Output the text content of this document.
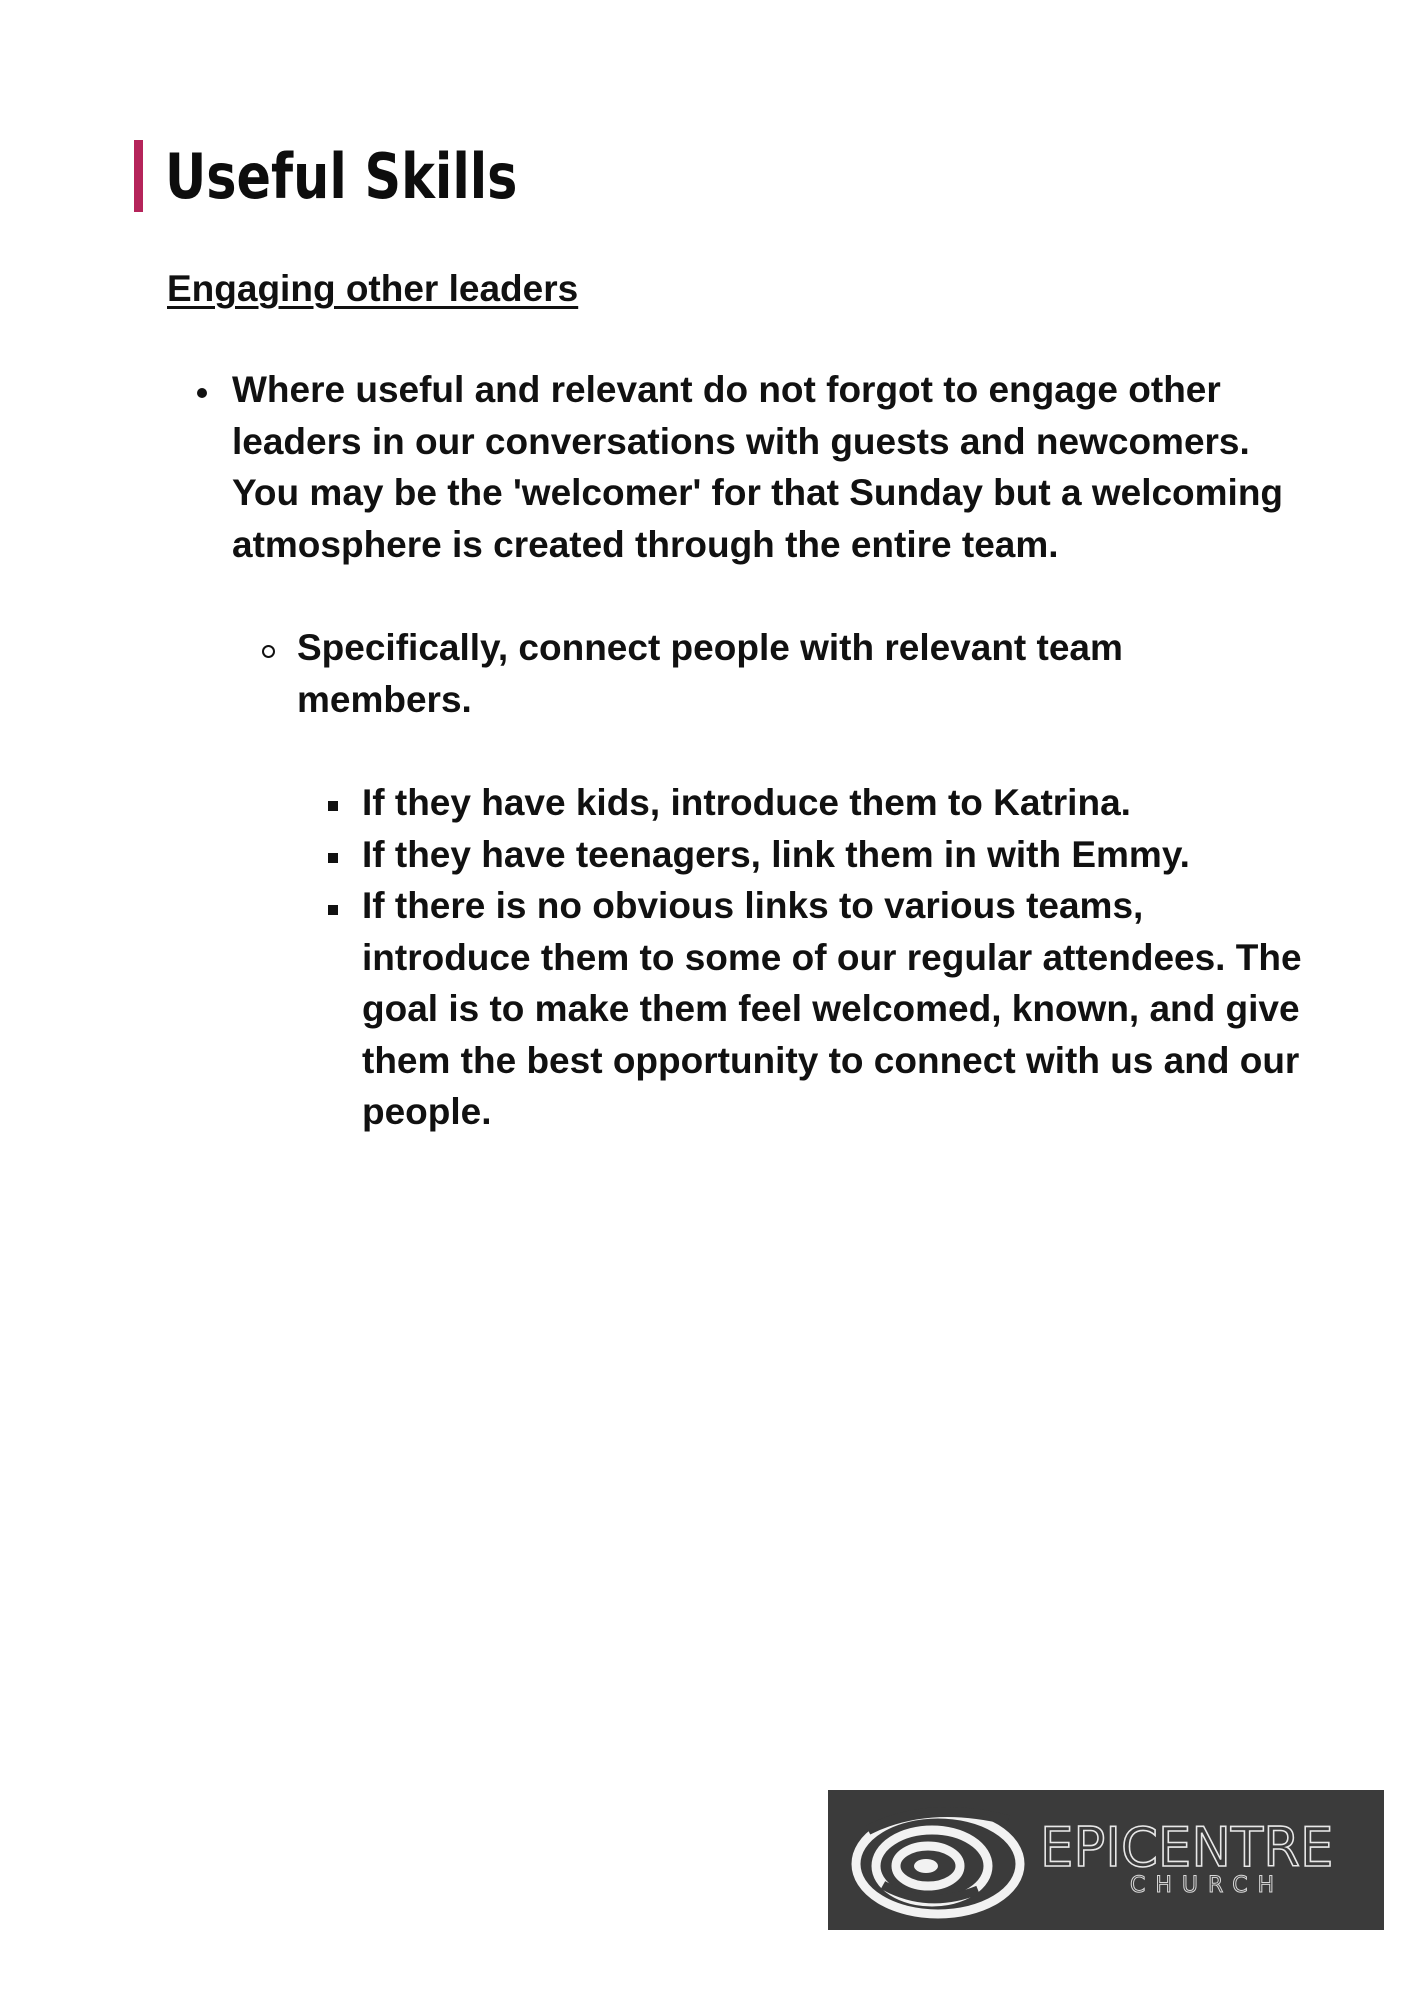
Useful Skills
Engaging other leaders

Where useful and relevant do not forgot to engage other leaders in our conversations with guests and newcomers. You may be the 'welcomer' for that Sunday but a welcoming atmosphere is created through the entire team.

Specifically, connect people with relevant team members.

If they have kids, introduce them to Katrina.
If they have teenagers, link them in with Emmy.
If there is no obvious links to various teams, introduce them to some of our regular attendees. The goal is to make them feel welcomed, known, and give them the best opportunity to connect with us and our people.
EPICENTRE
CHURCH
